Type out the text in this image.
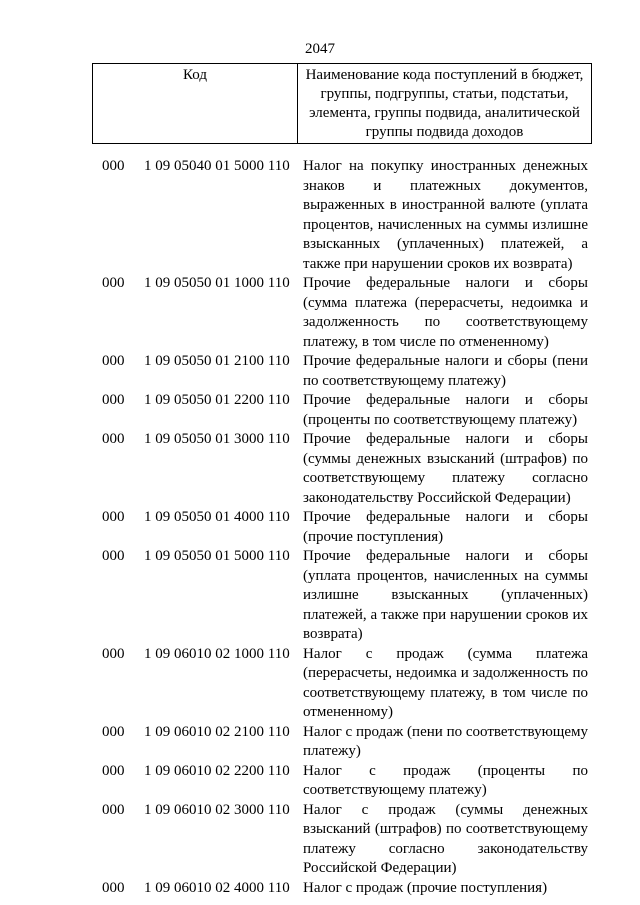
2047
Код	Наименование кода поступлений в бюджет, группы, подгруппы, статьи, подстатьи, элемента, группы подвида, аналитической группы подвида доходов
000 1 09 05040 01 5000 110 Налог на покупку иностранных денежных знаков и платежных документов, выраженных в иностранной валюте (уплата процентов, начисленных на суммы излишне взысканных (уплаченных) платежей, а также при нарушении сроков их возврата)
000 1 09 05050 01 1000 110 Прочие федеральные налоги и сборы (сумма платежа (перерасчеты, недоимка и задолженность по соответствующему платежу, в том числе по отмененному)
000 1 09 05050 01 2100 110 Прочие федеральные налоги и сборы (пени по соответствующему платежу)
000 1 09 05050 01 2200 110 Прочие федеральные налоги и сборы (проценты по соответствующему платежу)
000 1 09 05050 01 3000 110 Прочие федеральные налоги и сборы (суммы денежных взысканий (штрафов) по соответствующему платежу согласно законодательству Российской Федерации)
000 1 09 05050 01 4000 110 Прочие федеральные налоги и сборы (прочие поступления)
000 1 09 05050 01 5000 110 Прочие федеральные налоги и сборы (уплата процентов, начисленных на суммы излишне взысканных (уплаченных) платежей, а также при нарушении сроков их возврата)
000 1 09 06010 02 1000 110 Налог с продаж (сумма платежа (перерасчеты, недоимка и задолженность по соответствующему платежу, в том числе по отмененному)
000 1 09 06010 02 2100 110 Налог с продаж (пени по соответствующему платежу)
000 1 09 06010 02 2200 110 Налог с продаж (проценты по соответствующему платежу)
000 1 09 06010 02 3000 110 Налог с продаж (суммы денежных взысканий (штрафов) по соответствующему платежу согласно законодательству Российской Федерации)
000 1 09 06010 02 4000 110 Налог с продаж (прочие поступления)
